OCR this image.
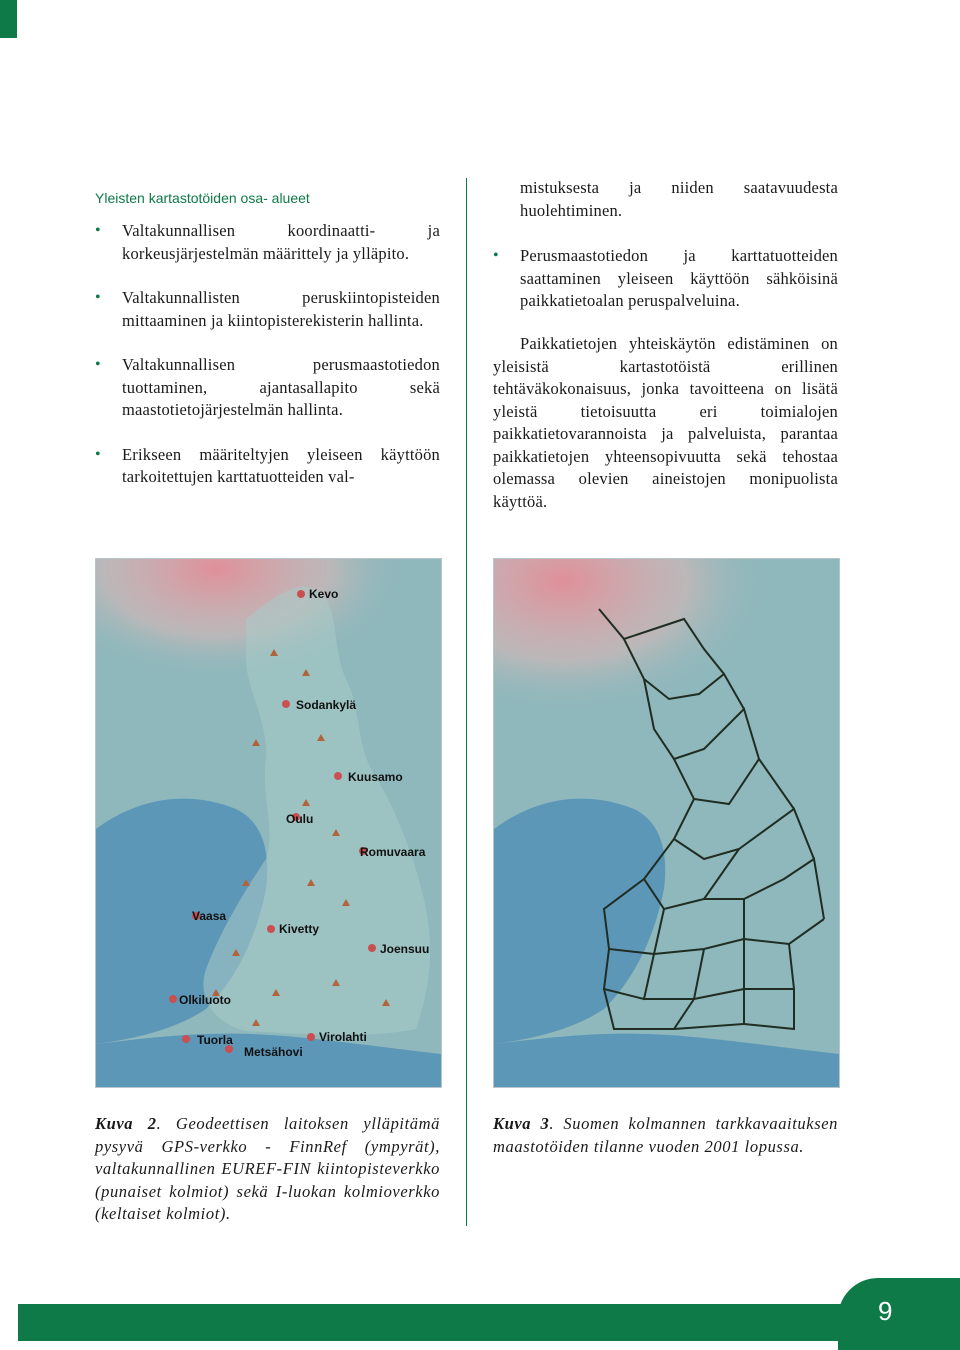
Yleisten kartastotöiden osa- alueet

• Valtakunnallisen koordinaatti- ja korkeusjärjestelmän määrittely ja ylläpito.
• Valtakunnallisten peruskiintopisteiden mittaaminen ja kiintopisterekisterin hallinta.
• Valtakunnallisen perusmaastotiedon tuottaminen, ajantasallapito sekä maastotietojärjestelmän hallinta.
• Erikseen määriteltyjen yleiseen käyttöön tarkoitettujen karttatuotteiden val-

mistuksesta ja niiden saatavuudesta huolehtiminen.

• Perusmaastotiedon ja karttatuotteiden saattaminen yleiseen käyttöön sähköisinä paikkatietoalan peruspalveluina.

Paikkatietojen yhteiskäytön edistäminen on yleisistä kartastotöistä erillinen tehtäväkokonaisuus, jonka tavoitteena on lisätä yleistä tietoisuutta eri toimialojen paikkatietovarannoista ja palveluista, parantaa paikkatietojen yhteensopivuutta sekä tehostaa olemassa olevien aineistojen monipuolista käyttöä.

Kevo
Sodankylä
Kuusamo
Oulu
Romuvaara
Vaasa
Kivetty
Joensuu
Olkiluoto
Tuorla
Metsähovi
Virolahti

Kuva 2. Geodeettisen laitoksen ylläpitämä pysyvä GPS-verkko - FinnRef (ympyrät), valtakunnallinen EUREF-FIN kiintopisteverkko (punaiset kolmiot) sekä I-luokan kolmioverkko (keltaiset kolmiot).

Kuva 3. Suomen kolmannen tarkkavaaituksen maastotöiden tilanne vuoden 2001 lopussa.

9
